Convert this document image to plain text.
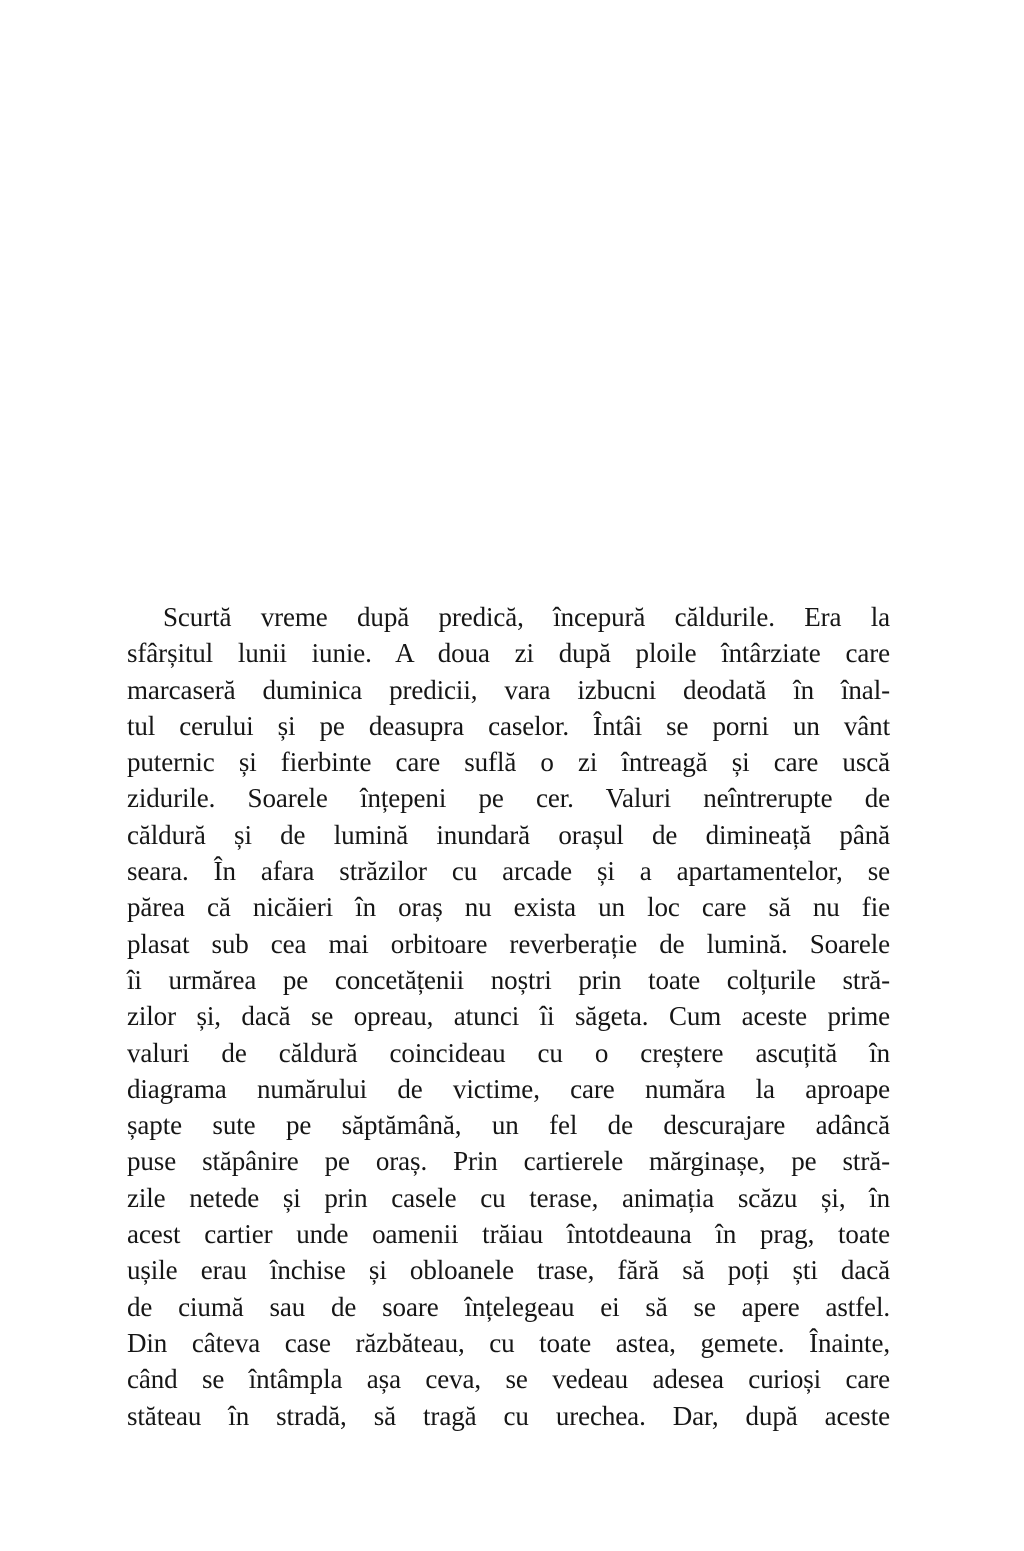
Scurtă vreme după predică, începură căldurile. Era la
sfârșitul lunii iunie. A doua zi după ploile întârziate care
marcaseră duminica predicii, vara izbucni deodată în înal-
tul cerului și pe deasupra caselor. Întâi se porni un vânt
puternic și fierbinte care suflă o zi întreagă și care uscă
zidurile. Soarele înțepeni pe cer. Valuri neîntrerupte de
căldură și de lumină inundară orașul de dimineață până
seara. În afara străzilor cu arcade și a apartamentelor, se
părea că nicăieri în oraș nu exista un loc care să nu fie
plasat sub cea mai orbitoare reverberație de lumină. Soarele
îi urmărea pe concetățenii noștri prin toate colțurile stră-
zilor și, dacă se opreau, atunci îi săgeta. Cum aceste prime
valuri de căldură coincideau cu o creștere ascuțită în
diagrama numărului de victime, care număra la aproape
șapte sute pe săptămână, un fel de descurajare adâncă
puse stăpânire pe oraș. Prin cartierele mărginașe, pe stră-
zile netede și prin casele cu terase, animația scăzu și, în
acest cartier unde oamenii trăiau întotdeauna în prag, toate
ușile erau închise și obloanele trase, fără să poți ști dacă
de ciumă sau de soare înțelegeau ei să se apere astfel.
Din câteva case răzbăteau, cu toate astea, gemete. Înainte,
când se întâmpla așa ceva, se vedeau adesea curioși care
stăteau în stradă, să tragă cu urechea. Dar, după aceste
